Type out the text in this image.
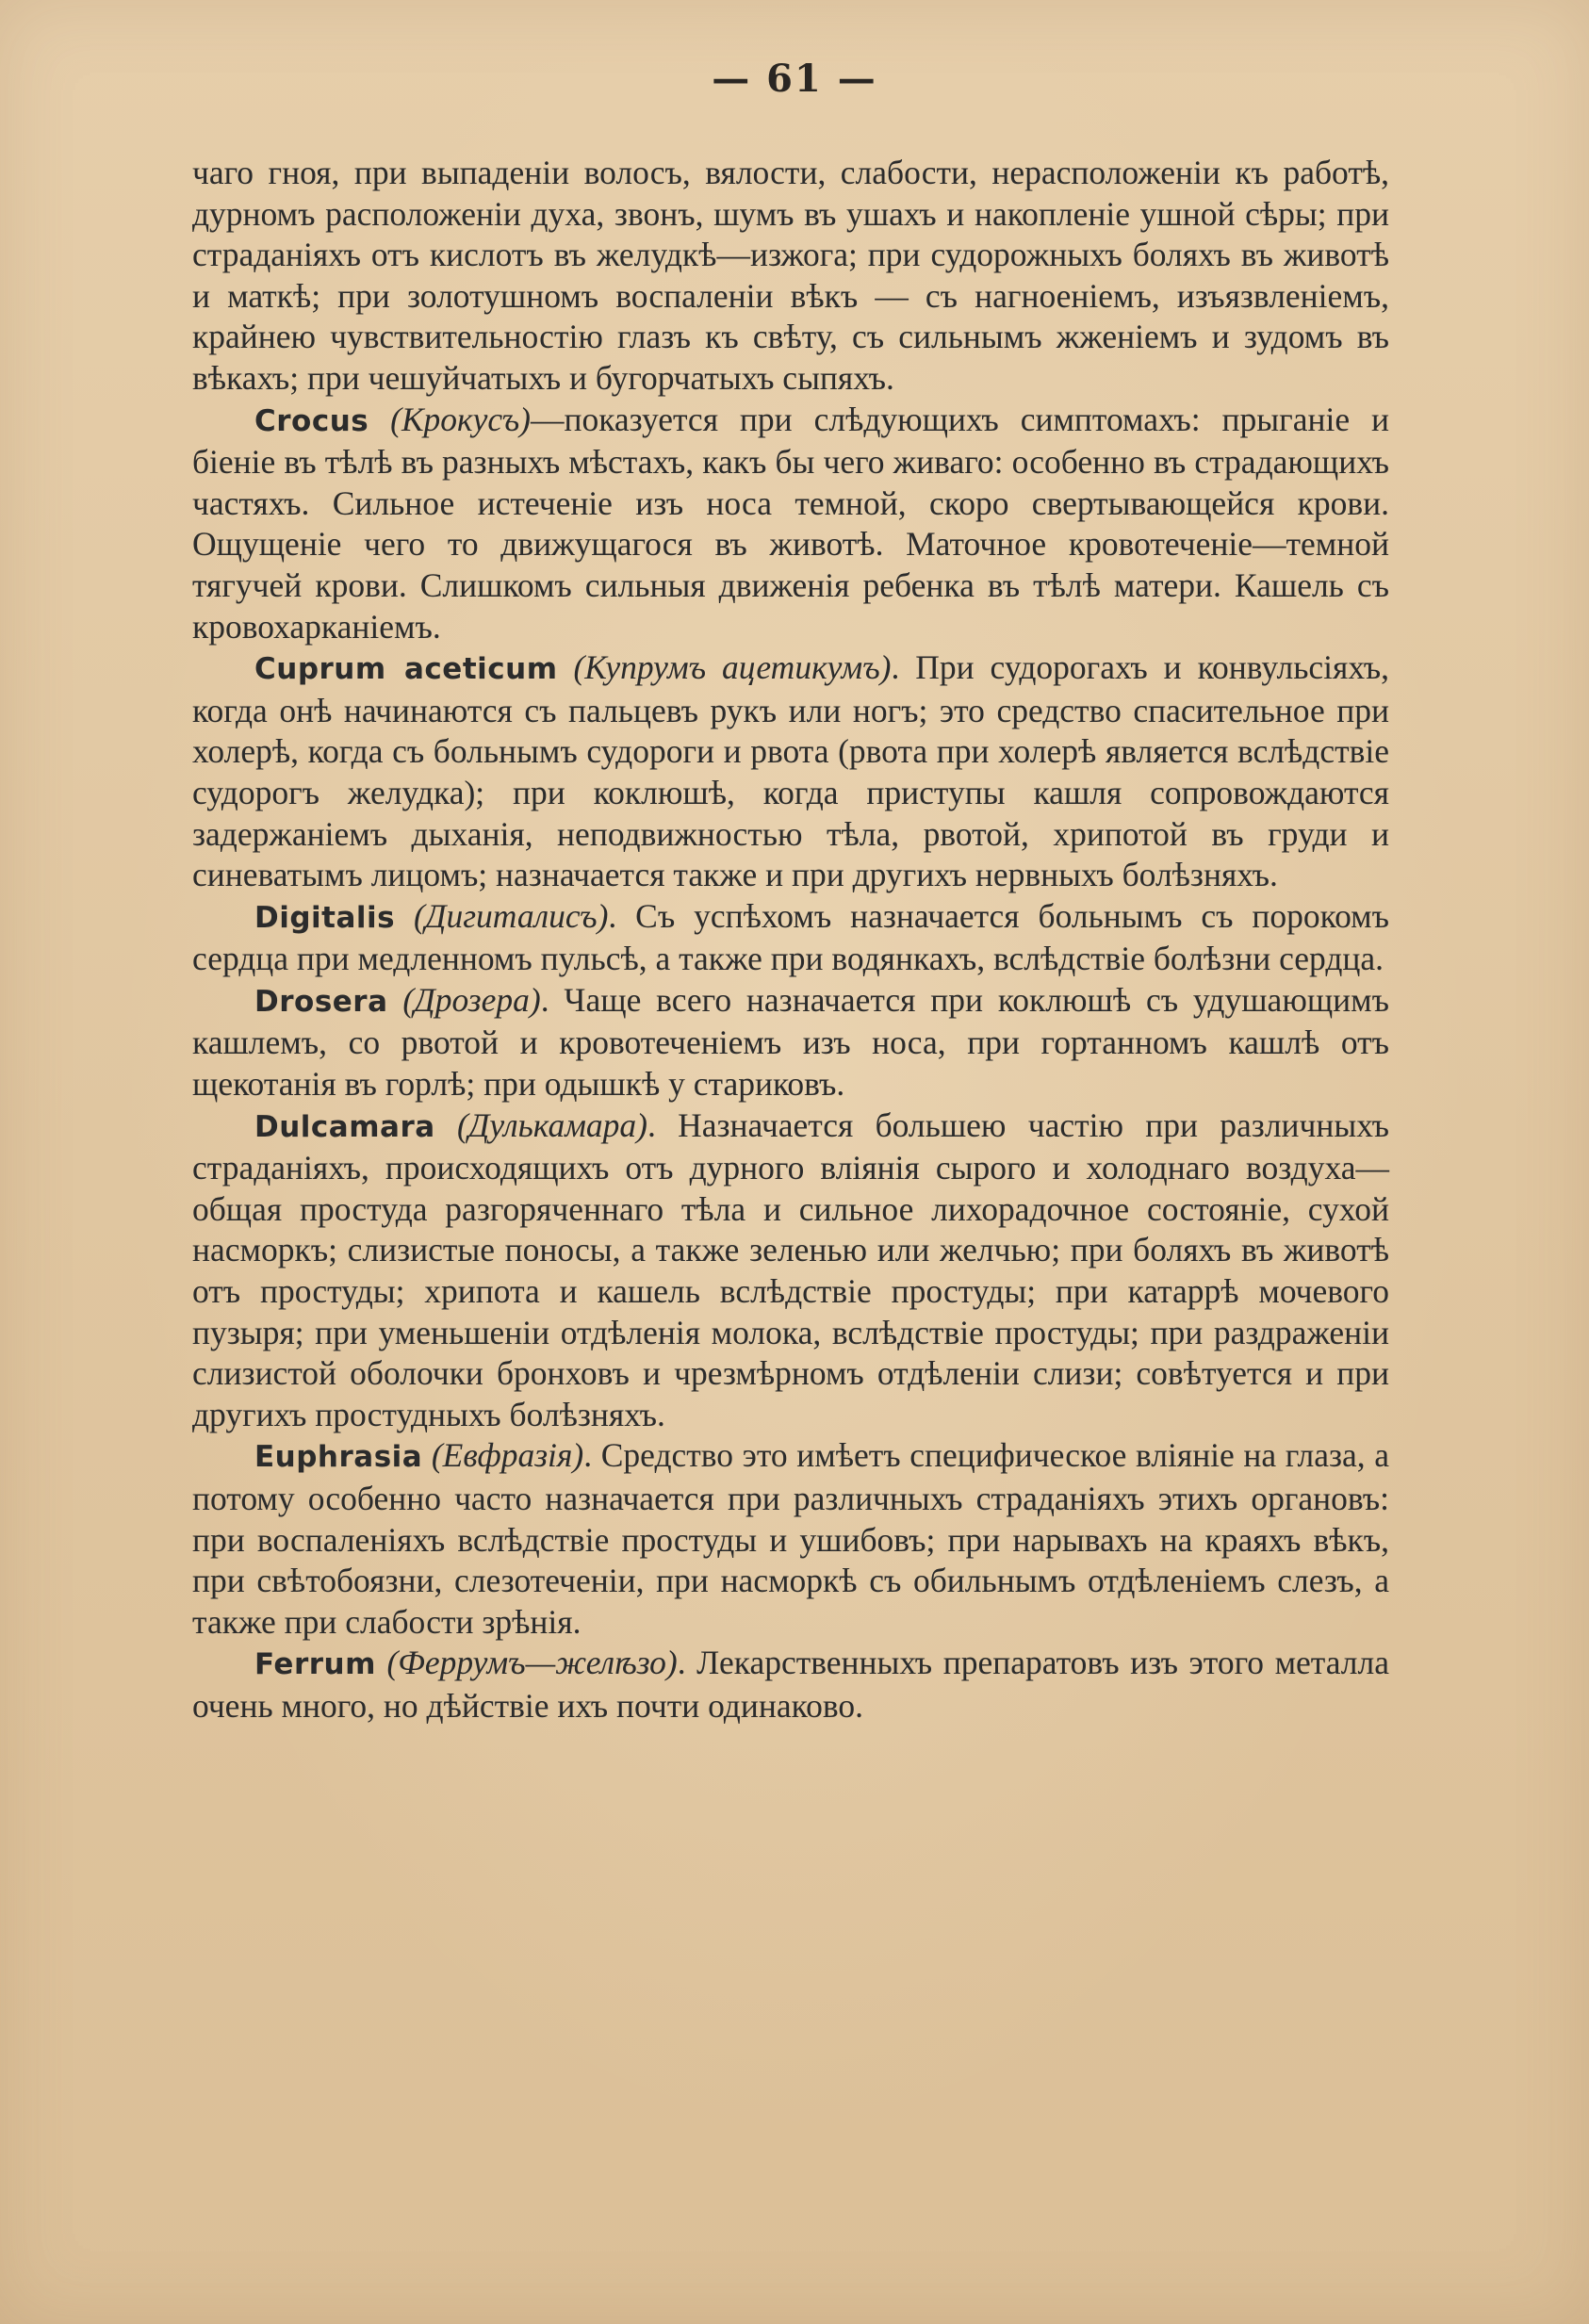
— 61 —

чаго гноя, при выпаденіи волосъ, вялости, слабости, нерасположеніи къ работѣ, дурномъ расположеніи духа, звонъ, шумъ въ ушахъ и накопленіе ушной сѣры; при страданіяхъ отъ кислотъ въ желудкѣ—изжога; при судорожныхъ боляхъ въ животѣ и маткѣ; при золотушномъ воспаленіи вѣкъ — съ нагноеніемъ, изъязвленіемъ, крайнею чувствительностію глазъ къ свѣту, съ сильнымъ жженіемъ и зудомъ въ вѣкахъ; при чешуйчатыхъ и бугорчатыхъ сыпяхъ.

Crocus (Крокусъ)—показуется при слѣдующихъ симптомахъ: прыганіе и біеніе въ тѣлѣ въ разныхъ мѣстахъ, какъ бы чего живаго: особенно въ страдающихъ частяхъ. Сильное истеченіе изъ носа темной, скоро свертывающейся крови. Ощущеніе чего то движущагося въ животѣ. Маточное кровотеченіе—темной тягучей крови. Слишкомъ сильныя движенія ребенка въ тѣлѣ матери. Кашель съ кровохарканіемъ.

Cuprum aceticum (Купрумъ ацетикумъ). При судорогахъ и конвульсіяхъ, когда онѣ начинаются съ пальцевъ рукъ или ногъ; это средство спасительное при холерѣ, когда съ больнымъ судороги и рвота (рвота при холерѣ является вслѣдствіе судорогъ желудка); при коклюшѣ, когда приступы кашля сопровождаются задержаніемъ дыханія, неподвижностью тѣла, рвотой, хрипотой въ груди и синеватымъ лицомъ; назначается также и при другихъ нервныхъ болѣзняхъ.

Digitalis (Дигиталисъ). Съ успѣхомъ назначается больнымъ съ порокомъ сердца при медленномъ пульсѣ, а также при водянкахъ, вслѣдствіе болѣзни сердца.

Drosera (Дрозера). Чаще всего назначается при коклюшѣ съ удушающимъ кашлемъ, со рвотой и кровотеченіемъ изъ носа, при гортанномъ кашлѣ отъ щекотанія въ горлѣ; при одышкѣ у стариковъ.

Dulcamara (Дулькамара). Назначается большею частію при различныхъ страданіяхъ, происходящихъ отъ дурного вліянія сырого и холоднаго воздуха—общая простуда разгоряченнаго тѣла и сильное лихорадочное состояніе, сухой насморкъ; слизистые поносы, а также зеленью или желчью; при боляхъ въ животѣ отъ простуды; хрипота и кашель вслѣдствіе простуды; при катаррѣ мочевого пузыря; при уменьшеніи отдѣленія молока, вслѣдствіе простуды; при раздраженіи слизистой оболочки бронховъ и чрезмѣрномъ отдѣленіи слизи; совѣтуется и при другихъ простудныхъ болѣзняхъ.

Euphrasia (Евфразія). Средство это имѣетъ специфическое вліяніе на глаза, а потому особенно часто назначается при различныхъ страданіяхъ этихъ органовъ: при воспаленіяхъ вслѣдствіе простуды и ушибовъ; при нарывахъ на краяхъ вѣкъ, при свѣтобоязни, слезотеченіи, при насморкѣ съ обильнымъ отдѣленіемъ слезъ, а также при слабости зрѣнія.

Ferrum (Феррумъ—желѣзо). Лекарственныхъ препаратовъ изъ этого металла очень много, но дѣйствіе ихъ почти одинаково.
